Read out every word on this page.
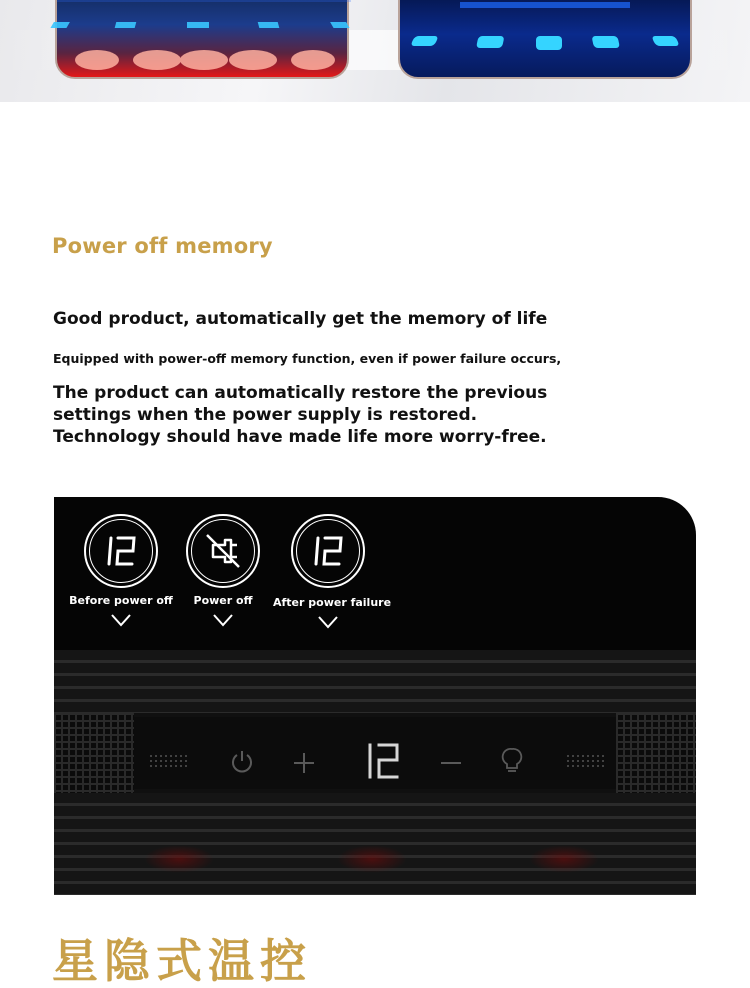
Power off memory
Good product, automatically get the memory of life
Equipped with power-off memory function, even if power failure occurs,
The product can automatically restore the previous
settings when the power supply is restored.
Technology should have made life more worry-free.
Before power off	Power off	After power failure
星隐式温控
